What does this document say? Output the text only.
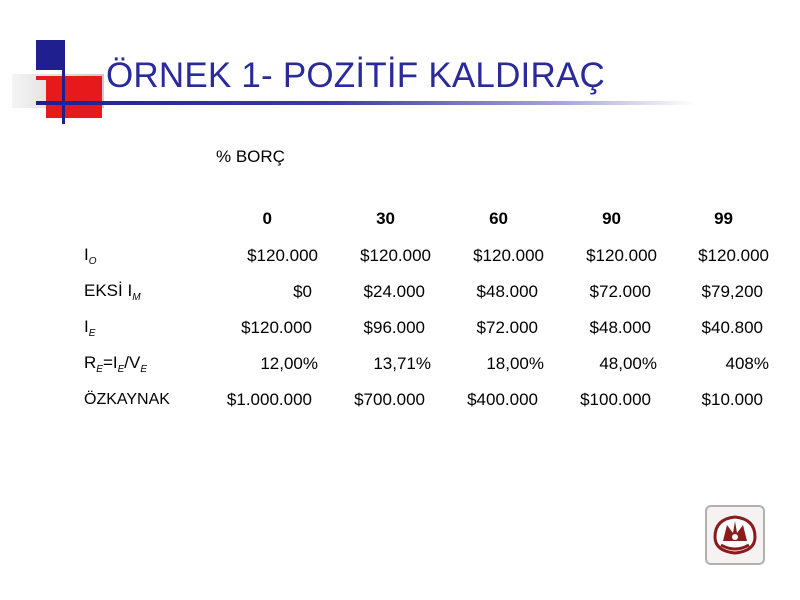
ÖRNEK 1- POZİTİF KALDIRAÇ
% BORÇ
	0	30	60	90	99
$I_O$	$120.000	$120.000	$120.000	$120.000	$120.000
EKSİ $I_M$	$0	$24.000	$48.000	$72.000	$79,200
$I_E$	$120.000	$96.000	$72.000	$48.000	$40.800
$R_E=I_E/V_E$	12,00%	13,71%	18,00%	48,00%	408%
ÖZKAYNAK	$1.000.000	$700.000	$400.000	$100.000	$10.000
